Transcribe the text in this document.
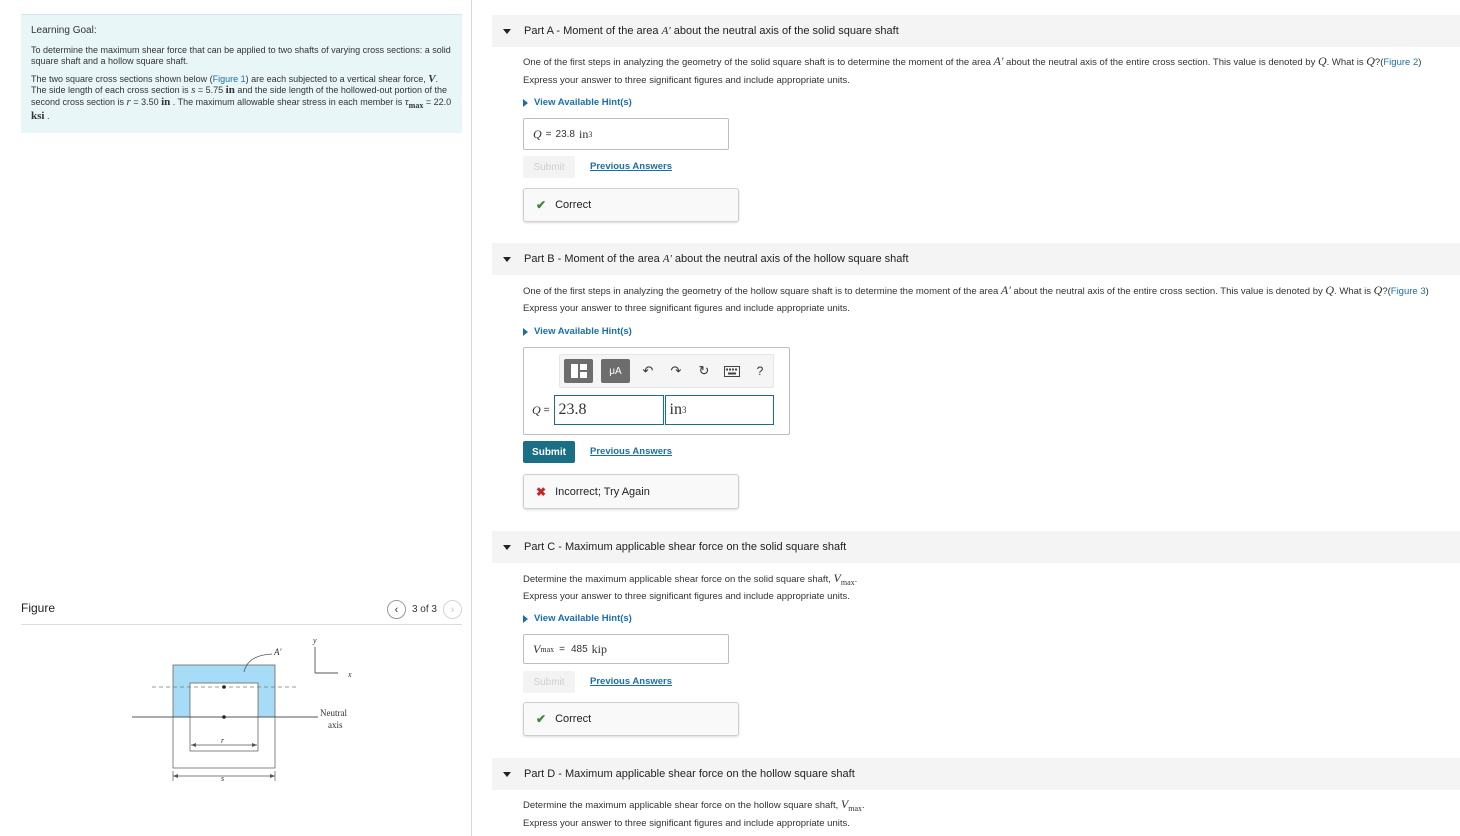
Learning Goal:

To determine the maximum shear force that can be applied to two shafts of varying cross sections: a solid square shaft and a hollow square shaft.

The two square cross sections shown below (Figure 1) are each subjected to a vertical shear force, V. The side length of each cross section is s = 5.75 in and the side length of the hollowed-out portion of the second cross section is r = 3.50 in . The maximum allowable shear stress in each member is $\tau_{max} = 22.0$ ksi .

Figure	‹	3 of 3	›
A'
y
x
Neutral
axis
r
s
Part A - Moment of the area A' about the neutral axis of the solid square shaft
One of the first steps in analyzing the geometry of the solid square shaft is to determine the moment of the area A' about the neutral axis of the entire cross section. This value is denoted by Q. What is Q?(Figure 2)
Express your answer to three significant figures and include appropriate units.
View Available Hint(s)
Q = 23.8 in 3
Submit	Previous Answers
✔ Correct
Part B - Moment of the area A' about the neutral axis of the hollow square shaft
One of the first steps in analyzing the geometry of the hollow square shaft is to determine the moment of the area A' about the neutral axis of the entire cross section. This value is denoted by Q. What is Q?(Figure 3)
Express your answer to three significant figures and include appropriate units.
View Available Hint(s)
μA	↶	↷	↻	?
Q = 23.8	in 3
Submit	Previous Answers
✖ Incorrect; Try Again
Part C - Maximum applicable shear force on the solid square shaft
Determine the maximum applicable shear force on the solid square shaft, $V_{max}$.
Express your answer to three significant figures and include appropriate units.
View Available Hint(s)
V max = 485 kip
Submit	Previous Answers
✔ Correct
Part D - Maximum applicable shear force on the hollow square shaft
Determine the maximum applicable shear force on the hollow square shaft, $V_{max}$.
Express your answer to three significant figures and include appropriate units.
